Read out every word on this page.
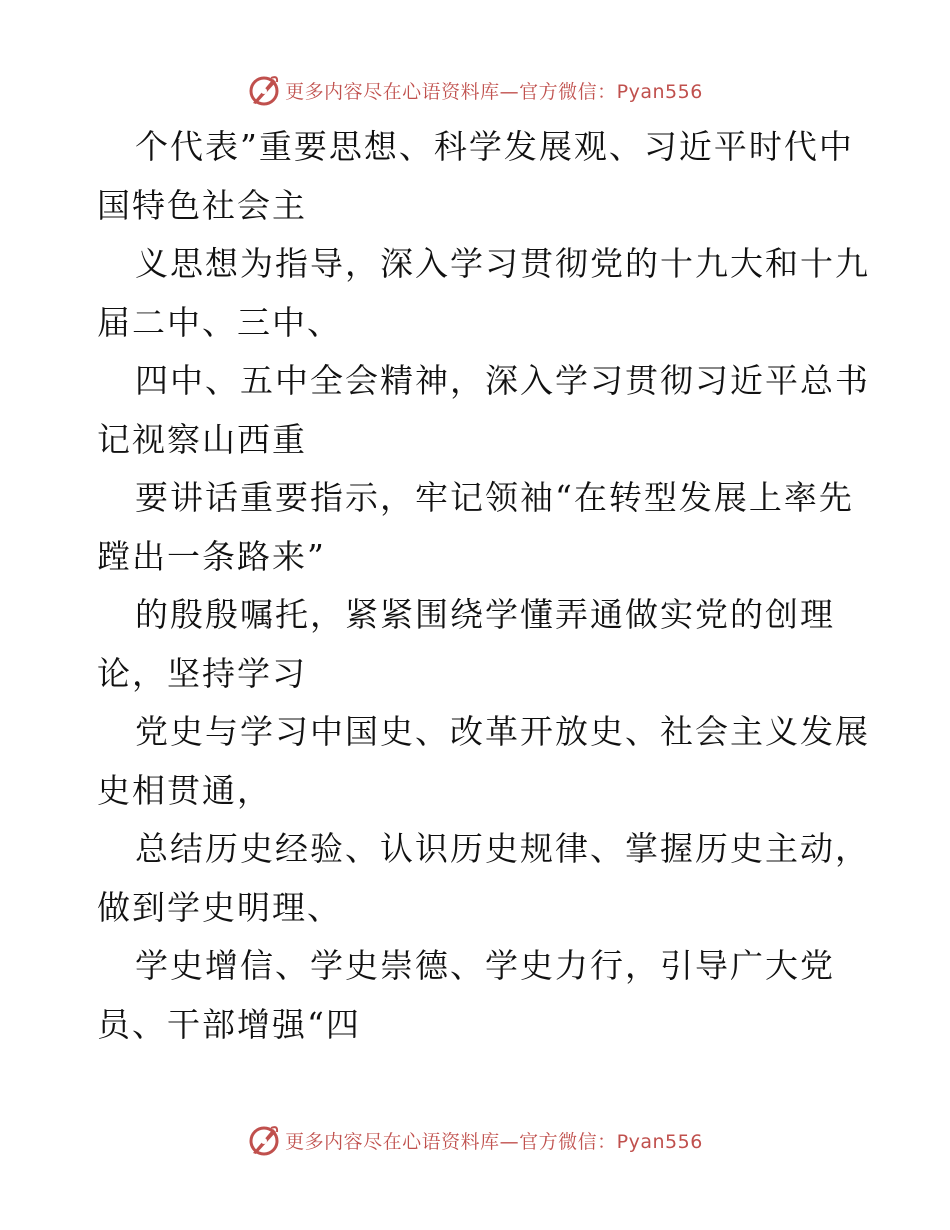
更多内容尽在心语资料库—官方微信：Pyan556
个代表”重要思想、科学发展观、习近平时代中
国特色社会主
义思想为指导，深入学习贯彻党的十九大和十九
届二中、三中、
四中、五中全会精神，深入学习贯彻习近平总书
记视察山西重
要讲话重要指示，牢记领袖“在转型发展上率先
蹚出一条路来”
的殷殷嘱托，紧紧围绕学懂弄通做实党的创理
论，坚持学习
党史与学习中国史、改革开放史、社会主义发展
史相贯通，
总结历史经验、认识历史规律、掌握历史主动，
做到学史明理、
学史增信、学史崇德、学史力行，引导广大党
员、干部增强“四
更多内容尽在心语资料库—官方微信：Pyan556
